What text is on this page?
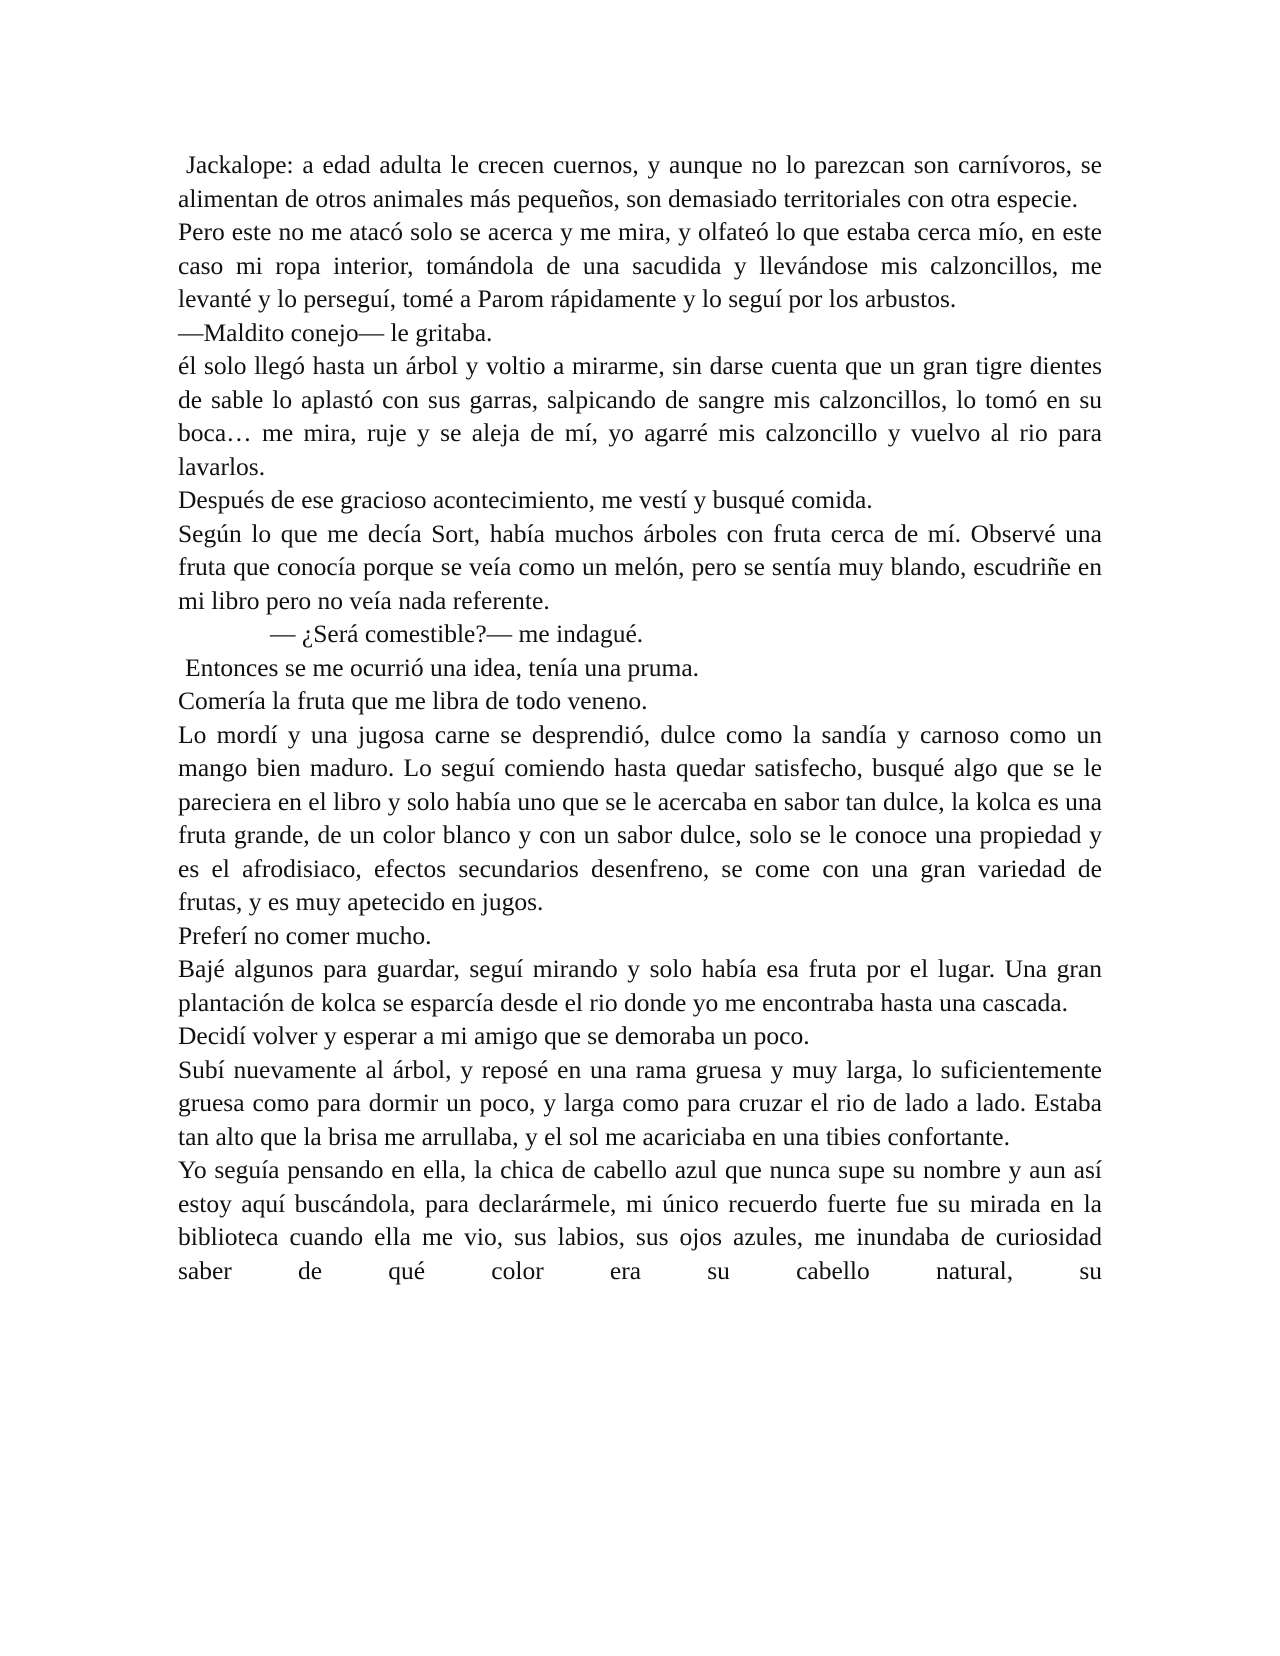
Jackalope: a edad adulta le crecen cuernos, y aunque no lo parezcan son carnívoros, se alimentan de otros animales más pequeños, son demasiado territoriales con otra especie.

Pero este no me atacó solo se acerca y me mira, y olfateó lo que estaba cerca mío, en este caso mi ropa interior, tomándola de una sacudida y llevándose mis calzoncillos, me levanté y lo perseguí, tomé a Parom rápidamente y lo seguí por los arbustos.

—Maldito conejo— le gritaba.

él solo llegó hasta un árbol y voltio a mirarme, sin darse cuenta que un gran tigre dientes de sable lo aplastó con sus garras, salpicando de sangre mis calzoncillos, lo tomó en su boca… me mira, ruje y se aleja de mí, yo agarré mis calzoncillo y vuelvo al rio para lavarlos.

Después de ese gracioso acontecimiento, me vestí y busqué comida.

Según lo que me decía Sort, había muchos árboles con fruta cerca de mí. Observé una fruta que conocía porque se veía como un melón, pero se sentía muy blando, escudriñe en mi libro pero no veía nada referente.

— ¿Será comestible?— me indagué.

Entonces se me ocurrió una idea, tenía una pruma.

Comería la fruta que me libra de todo veneno.

Lo mordí y una jugosa carne se desprendió, dulce como la sandía y carnoso como un mango bien maduro. Lo seguí comiendo hasta quedar satisfecho, busqué algo que se le pareciera en el libro y solo había uno que se le acercaba en sabor tan dulce, la kolca es una fruta grande, de un color blanco y con un sabor dulce, solo se le conoce una propiedad y es el afrodisiaco, efectos secundarios desenfreno, se come con una gran variedad de frutas, y es muy apetecido en jugos.

Preferí no comer mucho.

Bajé algunos para guardar, seguí mirando y solo había esa fruta por el lugar. Una gran plantación de kolca se esparcía desde el rio donde yo me encontraba hasta una cascada.

Decidí volver y esperar a mi amigo que se demoraba un poco.

Subí nuevamente al árbol, y reposé en una rama gruesa y muy larga, lo suficientemente gruesa como para dormir un poco, y larga como para cruzar el rio de lado a lado. Estaba tan alto que la brisa me arrullaba, y el sol me acariciaba en una tibies confortante.

Yo seguía pensando en ella, la chica de cabello azul que nunca supe su nombre y aun así estoy aquí buscándola, para declarármele, mi único recuerdo fuerte fue su mirada en la biblioteca cuando ella me vio, sus labios, sus ojos azules, me inundaba de curiosidad saber de qué color era su cabello natural, su
